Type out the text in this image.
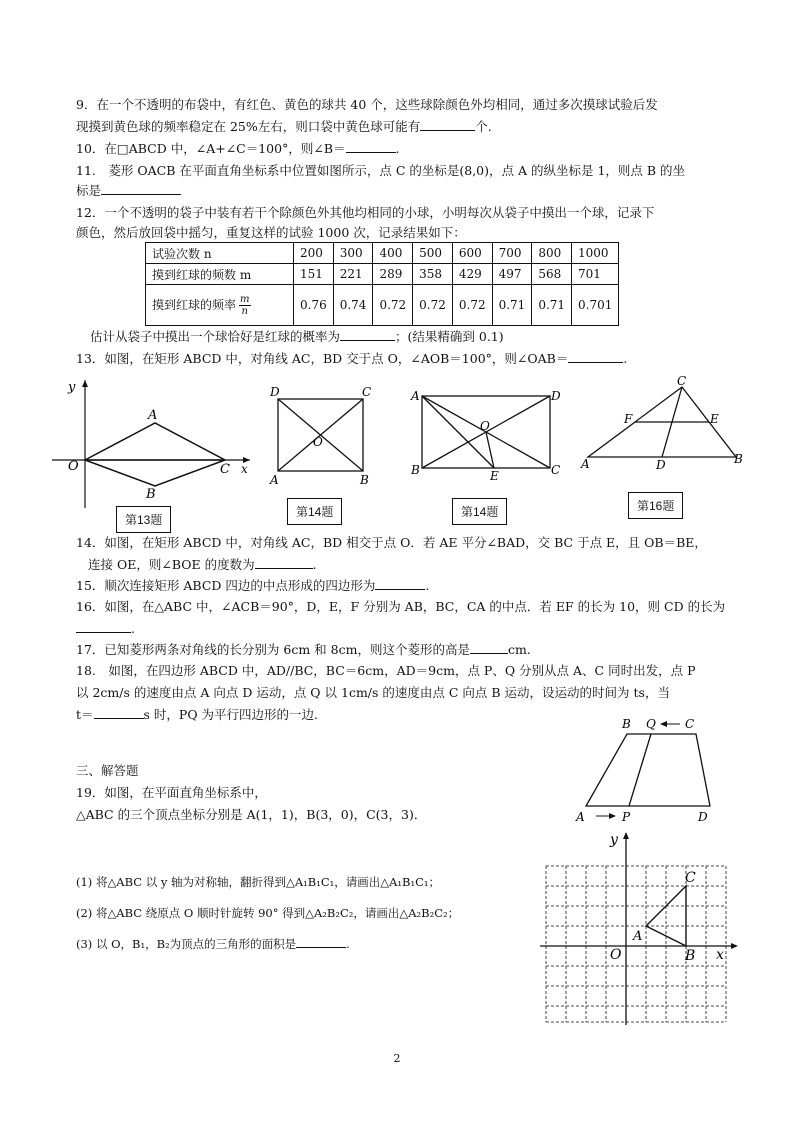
9．在一个不透明的布袋中，有红色、黄色的球共 40 个，这些球除颜色外均相同，通过多次摸球试验后发
现摸到黄色球的频率稳定在 25%左右，则口袋中黄色球可能有	个.
10．在□ABCD 中，∠A+∠C＝100°，则∠B＝	.
11.　菱形 OACB 在平面直角坐标系中位置如图所示，点 C 的坐标是(8,0)，点 A 的纵坐标是 1，则点 B 的坐
标是
12．一个不透明的袋子中装有若干个除颜色外其他均相同的小球，小明每次从袋子中摸出一个球，记录下
颜色，然后放回袋中摇匀，重复这样的试验 1000 次，记录结果如下：
试验次数 n	200	300	400	500	600	700	800	1000
摸到红球的频数 m	151	221	289	358	429	497	568	701
摸到红球的频率 $\frac{m}{n}$	0.76	0.74	0.72	0.72	0.72	0.71	0.71	0.701
估计从袋子中摸出一个球恰好是红球的概率为	；(结果精确到 0.1)
13．如图，在矩形 ABCD 中，对角线 AC，BD 交于点 O，∠AOB＝100°，则∠OAB＝	.
y
A
O	C x
B
第13题
D	C
O
A	B
第14题
A	D
O
B	E	C
第14题
C
F	E
A	D	B
第16题
14．如图，在矩形 ABCD 中，对角线 AC，BD 相交于点 O．若 AE 平分∠BAD，交 BC 于点 E，且 OB＝BE，
连接 OE，则∠BOE 的度数为	.
15．顺次连接矩形 ABCD 四边的中点形成的四边形为	.
16．如图，在△ABC 中，∠ACB＝90°，D，E，F 分别为 AB，BC，CA 的中点．若 EF 的长为 10，则 CD 的长为
.
17．已知菱形两条对角线的长分别为 6cm 和 8cm，则这个菱形的高是	cm.
18.　如图，在四边形 ABCD 中，AD//BC，BC＝6cm，AD＝9cm，点 P、Q 分别从点 A、C 同时出发，点 P
以 2cm/s 的速度由点 A 向点 D 运动，点 Q 以 1cm/s 的速度由点 C 向点 B 运动，设运动的时间为 ts，当
t＝	s 时，PQ 为平行四边形的一边.
B Q C
A	P	D
三、解答题
19．如图，在平面直角坐标系中，
△ABC 的三个顶点坐标分别是 A(1，1)，B(3，0)，C(3，3)．
(1) 将△ABC 以 y 轴为对称轴，翻折得到△A₁B₁C₁，请画出△A₁B₁C₁；
(2) 将△ABC 绕原点 O 顺时针旋转 90° 得到△A₂B₂C₂，请画出△A₂B₂C₂；
(3) 以 O，B₁，B₂为顶点的三角形的面积是	.
y
x
O
A
B
C
2
